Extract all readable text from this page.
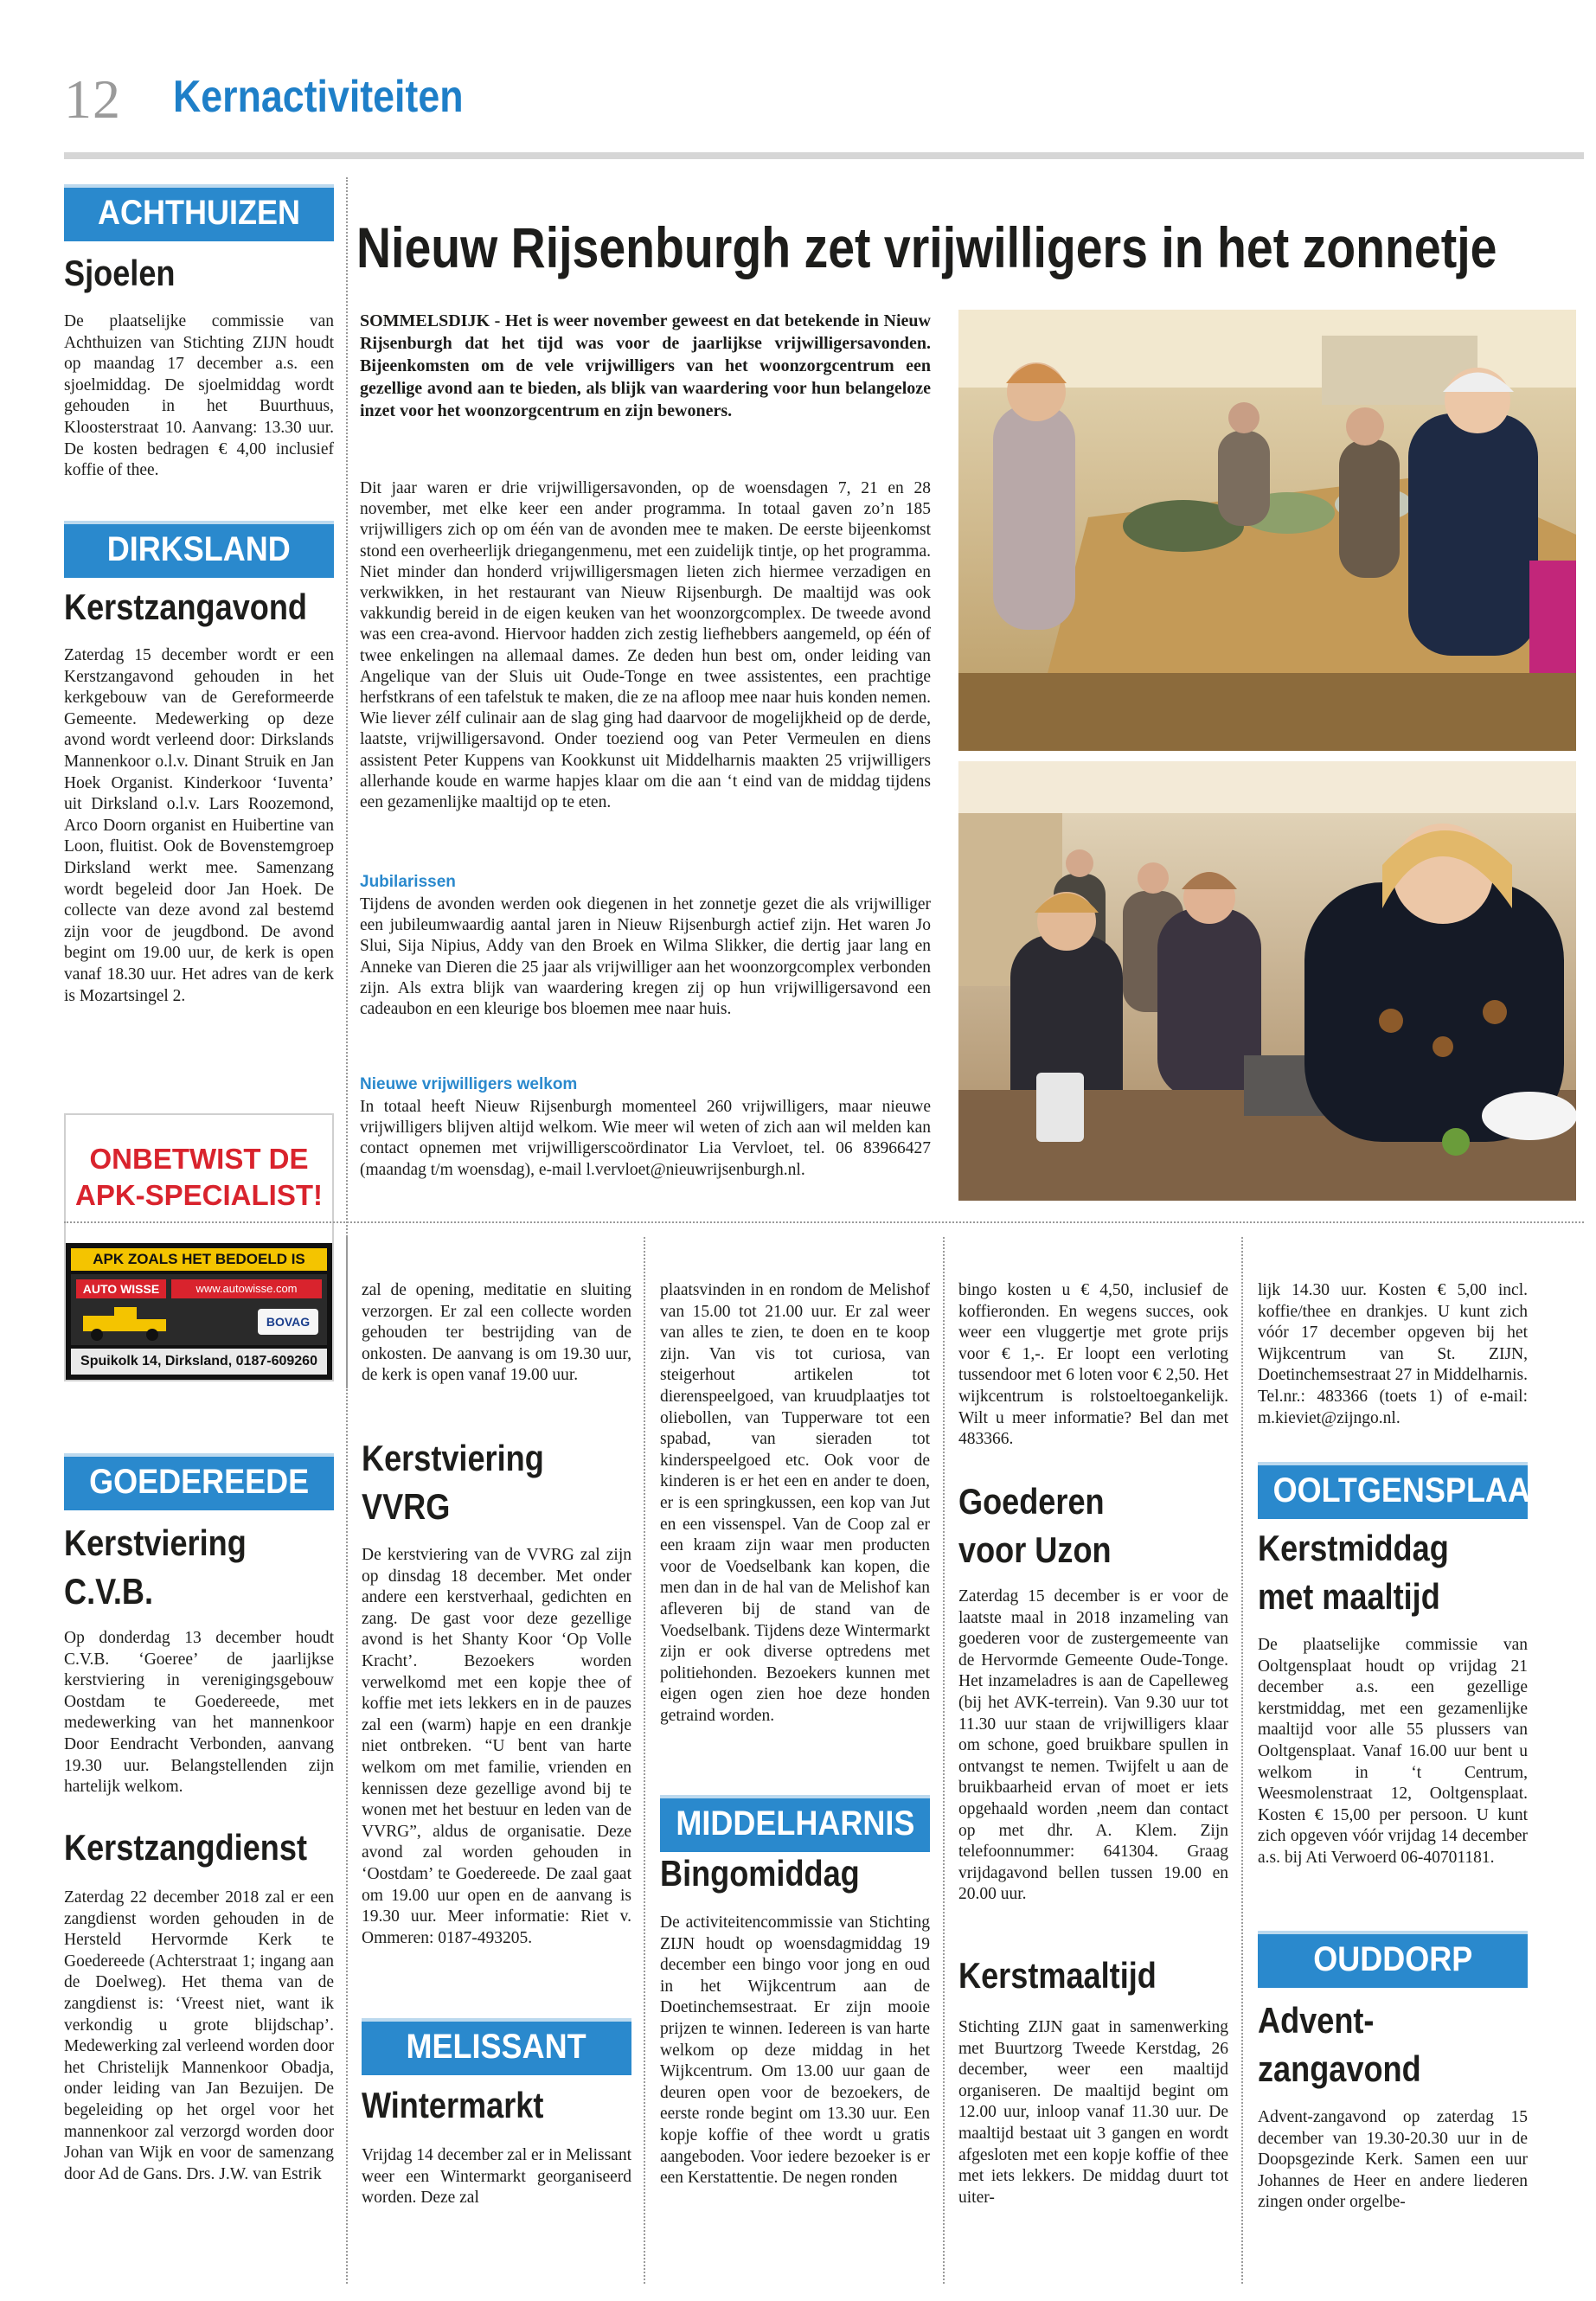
12 Kernactiviteiten
ACHTHUIZEN
Sjoelen
De plaatselijke commissie van Achthuizen van Stichting ZIJN houdt op maandag 17 december a.s. een sjoelmiddag. De sjoelmiddag wordt gehouden in het Buurthuus, Kloosterstraat 10. Aanvang: 13.30 uur. De kosten bedragen € 4,00 inclusief koffie of thee.
DIRKSLAND
Kerstzangavond
Zaterdag 15 december wordt er een Kerstzangavond gehouden in het kerkgebouw van de Gereformeerde Gemeente. Medewerking op deze avond wordt verleend door: Dirkslands Mannenkoor o.l.v. Dinant Struik en Jan Hoek Organist. Kinderkoor ‘Iuventa’ uit Dirksland o.l.v. Lars Roozemond, Arco Doorn organist en Huibertine van Loon, fluitist. Ook de Bovenstemgroep Dirksland werkt mee. Samenzang wordt begeleid door Jan Hoek. De collecte van deze avond zal bestemd zijn voor de jeugdbond. De avond begint om 19.00 uur, de kerk is open vanaf 18.30 uur. Het adres van de kerk is Mozartsingel 2.
ONBETWIST DE
APK-SPECIALIST!
APK ZOALS HET BEDOELD IS
AUTO WISSE	www.autowisse.com
BOVAG
Spuikolk 14, Dirksland, 0187-609260
Nieuw Rijsenburgh zet vrijwilligers in het zonnetje
SOMMELSDIJK - Het is weer november geweest en dat betekende in Nieuw Rijsenburgh dat het tijd was voor de jaarlijkse vrijwilligersavonden. Bijeenkomsten om de vele vrijwilligers van het woonzorgcentrum een gezellige avond aan te bieden, als blijk van waardering voor hun belangeloze inzet voor het woonzorgcentrum en zijn bewoners.
Dit jaar waren er drie vrijwilligersavonden, op de woensdagen 7, 21 en 28 november, met elke keer een ander programma. In totaal gaven zo’n 185 vrijwilligers zich op om één van de avonden mee te maken. De eerste bijeenkomst stond een overheerlijk driegangenmenu, met een zuidelijk tintje, op het programma. Niet minder dan honderd vrijwilligersmagen lieten zich hiermee verzadigen en verkwikken, in het restaurant van Nieuw Rijsenburgh. De maaltijd was ook vakkundig bereid in de eigen keuken van het woonzorgcomplex. De tweede avond was een crea-avond. Hiervoor hadden zich zestig liefhebbers aangemeld, op één of twee enkelingen na allemaal dames. Ze deden hun best om, onder leiding van Angelique van der Sluis uit Oude-Tonge en twee assistentes, een prachtige herfstkrans of een tafelstuk te maken, die ze na afloop mee naar huis konden nemen. Wie liever zélf culinair aan de slag ging had daarvoor de mogelijkheid op de derde, laatste, vrijwilligersavond. Onder toeziend oog van Peter Vermeulen en diens assistent Peter Kuppens van Kookkunst uit Middelharnis maakten 25 vrijwilligers allerhande koude en warme hapjes klaar om die aan ‘t eind van de middag tijdens een gezamenlijke maaltijd op te eten.
Jubilarissen
Tijdens de avonden werden ook diegenen in het zonnetje gezet die als vrijwilliger een jubileumwaardig aantal jaren in Nieuw Rijsenburgh actief zijn. Het waren Jo Slui, Sija Nipius, Addy van den Broek en Wilma Slikker, die dertig jaar lang en Anneke van Dieren die 25 jaar als vrijwilliger aan het woonzorgcomplex verbonden zijn. Als extra blijk van waardering kregen zij op hun vrijwilligersavond een cadeaubon en een kleurige bos bloemen mee naar huis.
Nieuwe vrijwilligers welkom
In totaal heeft Nieuw Rijsenburgh momenteel 260 vrijwilligers, maar nieuwe vrijwilligers blijven altijd welkom. Wie meer wil weten of zich aan wil melden kan contact opnemen met vrijwilligerscoördinator Lia Vervloet, tel. 06 83966427 (maandag t/m woensdag), e-mail l.vervloet@nieuwrijsenburgh.nl.
GOEDEREEDE
Kerstviering
C.V.B.
Op donderdag 13 december houdt C.V.B. ‘Goeree’ de jaarlijkse kerstviering in verenigingsgebouw Oostdam te Goedereede, met medewerking van het mannenkoor Door Eendracht Verbonden, aanvang 19.30 uur. Belangstellenden zijn hartelijk welkom.
Kerstzangdienst
Zaterdag 22 december 2018 zal er een zangdienst worden gehouden in de Hersteld Hervormde Kerk te Goedereede (Achterstraat 1; ingang aan de Doelweg). Het thema van de zangdienst is: ‘Vreest niet, want ik verkondig u grote blijdschap’. Medewerking zal verleend worden door het Christelijk Mannenkoor Obadja, onder leiding van Jan Bezuijen. De begeleiding op het orgel voor het mannenkoor zal verzorgd worden door Johan van Wijk en voor de samenzang door Ad de Gans. Drs. J.W. van Estrik
zal de opening, meditatie en sluiting verzorgen. Er zal een collecte worden gehouden ter bestrijding van de onkosten. De aanvang is om 19.30 uur, de kerk is open vanaf 19.00 uur.
Kerstviering
VVRG
De kerstviering van de VVRG zal zijn op dinsdag 18 december. Met onder andere een kerstverhaal, gedichten en zang. De gast voor deze gezellige avond is het Shanty Koor ‘Op Volle Kracht’. Bezoekers worden verwelkomd met een kopje thee of koffie met iets lekkers en in de pauzes zal een (warm) hapje en een drankje niet ontbreken. “U bent van harte welkom om met familie, vrienden en kennissen deze gezellige avond bij te wonen met het bestuur en leden van de VVRG”, aldus de organisatie. Deze avond zal worden gehouden in ‘Oostdam’ te Goedereede. De zaal gaat om 19.00 uur open en de aanvang is 19.30 uur. Meer informatie: Riet v. Ommeren: 0187-493205.
MELISSANT
Wintermarkt
Vrijdag 14 december zal er in Melissant weer een Wintermarkt georganiseerd worden. Deze zal
plaatsvinden in en rondom de Melishof van 15.00 tot 21.00 uur. Er zal weer van alles te zien, te doen en te koop zijn. Van vis tot curiosa, van steigerhout artikelen tot dierenspeelgoed, van kruudplaatjes tot oliebollen, van Tupperware tot een spabad, van sieraden tot kinderspeelgoed etc. Ook voor de kinderen is er het een en ander te doen, er is een springkussen, een kop van Jut en een vissenspel. Van de Coop zal er een kraam zijn waar men producten voor de Voedselbank kan kopen, die men dan in de hal van de Melishof kan afleveren bij de stand van de Voedselbank. Tijdens deze Wintermarkt zijn er ook diverse optredens met politiehonden. Bezoekers kunnen met eigen ogen zien hoe deze honden getraind worden.
MIDDELHARNIS
Bingomiddag
De activiteitencommissie van Stichting ZIJN houdt op woensdagmiddag 19 december een bingo voor jong en oud in het Wijkcentrum aan de Doetinchemsestraat. Er zijn mooie prijzen te winnen. Iedereen is van harte welkom op deze middag in het Wijkcentrum. Om 13.00 uur gaan de deuren open voor de bezoekers, de eerste ronde begint om 13.30 uur. Een kopje koffie of thee wordt u gratis aangeboden. Voor iedere bezoeker is er een Kerstattentie. De negen ronden
bingo kosten u € 4,50, inclusief de koffieronden. En wegens succes, ook weer een vluggertje met grote prijs voor € 1,-. Er loopt een verloting tussendoor met 6 loten voor € 2,50. Het wijkcentrum is rolstoeltoegankelijk. Wilt u meer informatie? Bel dan met 483366.
Goederen
voor Uzon
Zaterdag 15 december is er voor de laatste maal in 2018 inzameling van goederen voor de zustergemeente van de Hervormde Gemeente Oude-Tonge. Het inzameladres is aan de Capelleweg (bij het AVK-terrein). Van 9.30 uur tot 11.30 uur staan de vrijwilligers klaar om schone, goed bruikbare spullen in ontvangst te nemen. Twijfelt u aan de bruikbaarheid ervan of moet er iets opgehaald worden ,neem dan contact op met dhr. A. Klem. Zijn telefoonnummer: 641304. Graag vrijdagavond bellen tussen 19.00 en 20.00 uur.
Kerstmaaltijd
Stichting ZIJN gaat in samenwerking met Buurtzorg Tweede Kerstdag, 26 december, weer een maaltijd organiseren. De maaltijd begint om 12.00 uur, inloop vanaf 11.30 uur. De maaltijd bestaat uit 3 gangen en wordt afgesloten met een kopje koffie of thee met iets lekkers. De middag duurt tot uiter-
lijk 14.30 uur. Kosten € 5,00 incl. koffie/thee en drankjes. U kunt zich vóór 17 december opgeven bij het Wijkcentrum van St. ZIJN, Doetinchemsestraat 27 in Middelharnis. Tel.nr.: 483366 (toets 1) of e-mail: m.kieviet@zijngo.nl.
OOLTGENSPLAAT
Kerstmiddag
met maaltijd
De plaatselijke commissie van Ooltgensplaat houdt op vrijdag 21 december a.s. een gezellige kerstmiddag, met een gezamenlijke maaltijd voor alle 55 plussers van Ooltgensplaat. Vanaf 16.00 uur bent u welkom in ‘t Centrum, Weesmolenstraat 12, Ooltgensplaat. Kosten € 15,00 per persoon. U kunt zich opgeven vóór vrijdag 14 december a.s. bij Ati Verwoerd 06-40701181.
OUDDORP
Advent-
zangavond
Advent-zangavond op zaterdag 15 december van 19.30-20.30 uur in de Doopsgezinde Kerk. Samen een uur Johannes de Heer en andere liederen zingen onder orgelbe-
